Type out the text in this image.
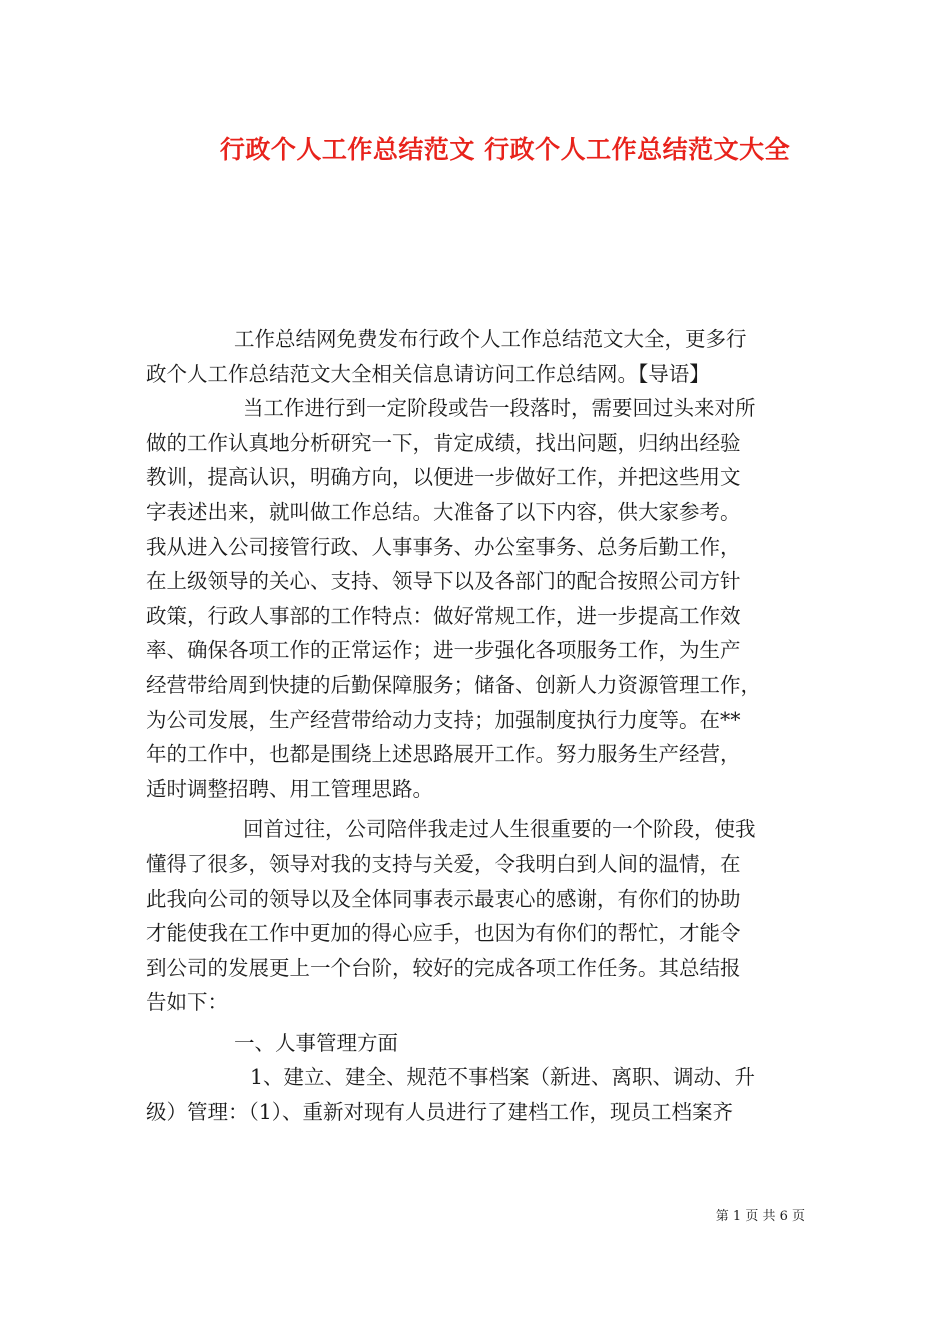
行政个人工作总结范文 行政个人工作总结范文大全
工作总结网免费发布行政个人工作总结范文大全，更多行
政个人工作总结范文大全相关信息请访问工作总结网。【导语】
当工作进行到一定阶段或告一段落时，需要回过头来对所
做的工作认真地分析研究一下，肯定成绩，找出问题，归纳出经验
教训，提高认识，明确方向，以便进一步做好工作，并把这些用文
字表述出来，就叫做工作总结。大准备了以下内容，供大家参考。
我从进入公司接管行政、人事事务、办公室事务、总务后勤工作，
在上级领导的关心、支持、领导下以及各部门的配合按照公司方针
政策，行政人事部的工作特点：做好常规工作，进一步提高工作效
率、确保各项工作的正常运作；进一步强化各项服务工作，为生产
经营带给周到快捷的后勤保障服务；储备、创新人力资源管理工作，
为公司发展，生产经营带给动力支持；加强制度执行力度等。在**
年的工作中，也都是围绕上述思路展开工作。努力服务生产经营，
适时调整招聘、用工管理思路。
回首过往，公司陪伴我走过人生很重要的一个阶段，使我
懂得了很多，领导对我的支持与关爱，令我明白到人间的温情，在
此我向公司的领导以及全体同事表示最衷心的感谢，有你们的协助
才能使我在工作中更加的得心应手，也因为有你们的帮忙，才能令
到公司的发展更上一个台阶，较好的完成各项工作任务。其总结报
告如下：
一、人事管理方面
1、建立、建全、规范不事档案（新进、离职、调动、升
级）管理：（1）、重新对现有人员进行了建档工作，现员工档案齐
第 1 页 共 6 页
